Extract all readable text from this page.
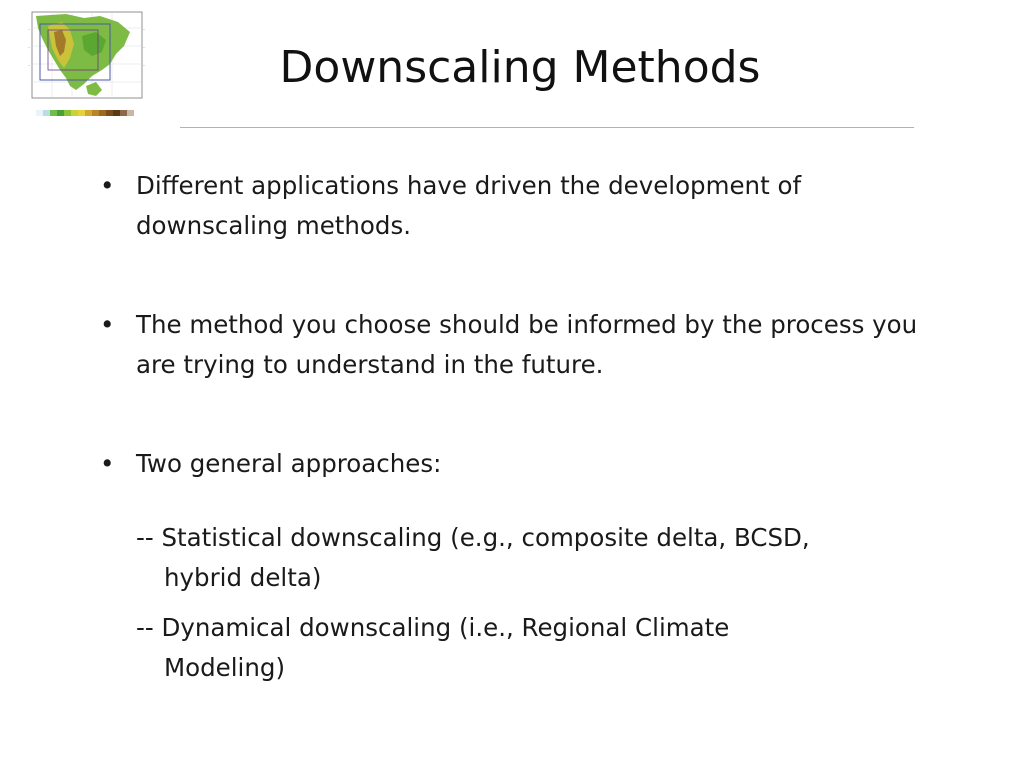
--
--
--
--
--
--	Downscaling Methods
• Different applications have driven the development of downscaling methods.
• The method you choose should be informed by the process you are trying to understand in the future.
• Two general approaches:
-- Statistical downscaling (e.g., composite delta, BCSD,
hybrid delta)
-- Dynamical downscaling (i.e., Regional Climate
Modeling)
